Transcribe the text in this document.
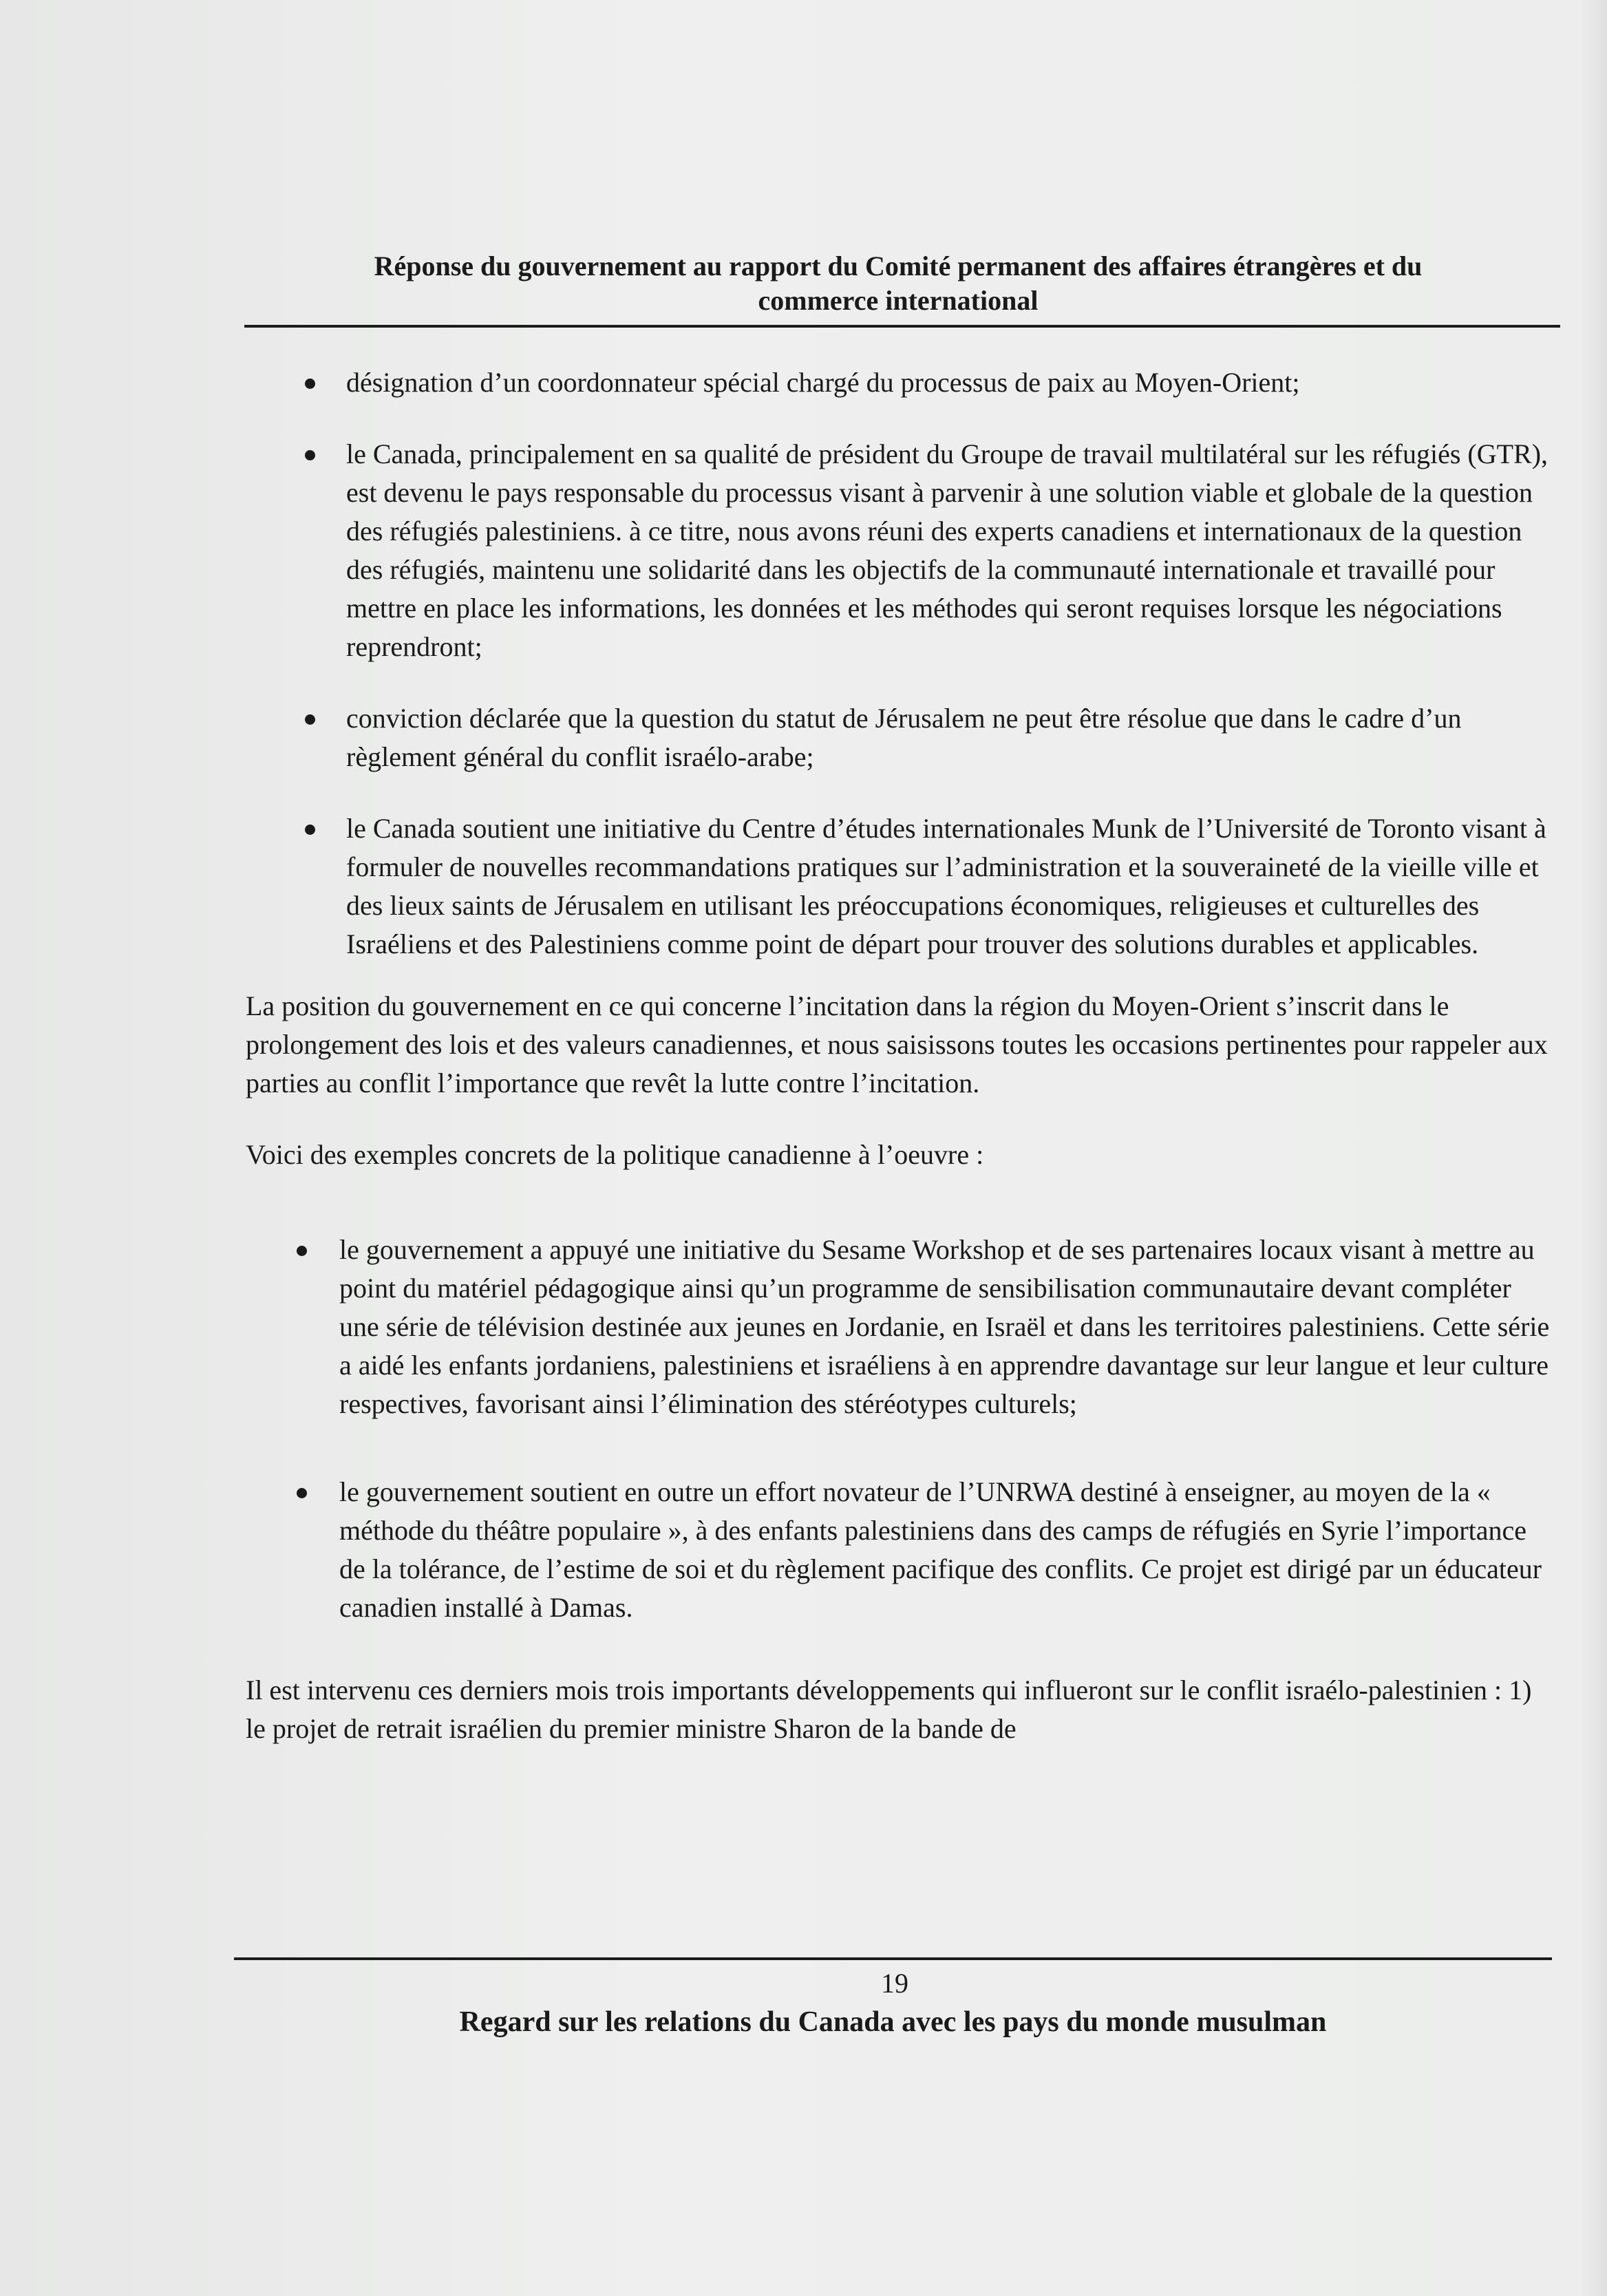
Réponse du gouvernement au rapport du Comité permanent des affaires étrangères et du
commerce international
désignation d’un coordonnateur spécial chargé du processus de paix au Moyen-Orient;
le Canada, principalement en sa qualité de président du Groupe de travail multilatéral sur les réfugiés (GTR), est devenu le pays responsable du processus visant à parvenir à une solution viable et globale de la question des réfugiés palestiniens. à ce titre, nous avons réuni des experts canadiens et internationaux de la question des réfugiés, maintenu une solidarité dans les objectifs de la communauté internationale et travaillé pour mettre en place les informations, les données et les méthodes qui seront requises lorsque les négociations reprendront;
conviction déclarée que la question du statut de Jérusalem ne peut être résolue que dans le cadre d’un règlement général du conflit israélo-arabe;
le Canada soutient une initiative du Centre d’études internationales Munk de l’Université de Toronto visant à formuler de nouvelles recommandations pratiques sur l’administration et la souveraineté de la vieille ville et des lieux saints de Jérusalem en utilisant les préoccupations économiques, religieuses et culturelles des Israéliens et des Palestiniens comme point de départ pour trouver des solutions durables et applicables.

La position du gouvernement en ce qui concerne l’incitation dans la région du Moyen-Orient s’inscrit dans le prolongement des lois et des valeurs canadiennes, et nous saisissons toutes les occasions pertinentes pour rappeler aux parties au conflit l’importance que revêt la lutte contre l’incitation.

Voici des exemples concrets de la politique canadienne à l’oeuvre :

le gouvernement a appuyé une initiative du Sesame Workshop et de ses partenaires locaux visant à mettre au point du matériel pédagogique ainsi qu’un programme de sensibilisation communautaire devant compléter une série de télévision destinée aux jeunes en Jordanie, en Israël et dans les territoires palestiniens. Cette série a aidé les enfants jordaniens, palestiniens et israéliens à en apprendre davantage sur leur langue et leur culture respectives, favorisant ainsi l’élimination des stéréotypes culturels;
le gouvernement soutient en outre un effort novateur de l’UNRWA destiné à enseigner, au moyen de la « méthode du théâtre populaire », à des enfants palestiniens dans des camps de réfugiés en Syrie l’importance de la tolérance, de l’estime de soi et du règlement pacifique des conflits. Ce projet est dirigé par un éducateur canadien installé à Damas.

Il est intervenu ces derniers mois trois importants développements qui influeront sur le conflit israélo-palestinien : 1) le projet de retrait israélien du premier ministre Sharon de la bande de

19
Regard sur les relations du Canada avec les pays du monde musulman
